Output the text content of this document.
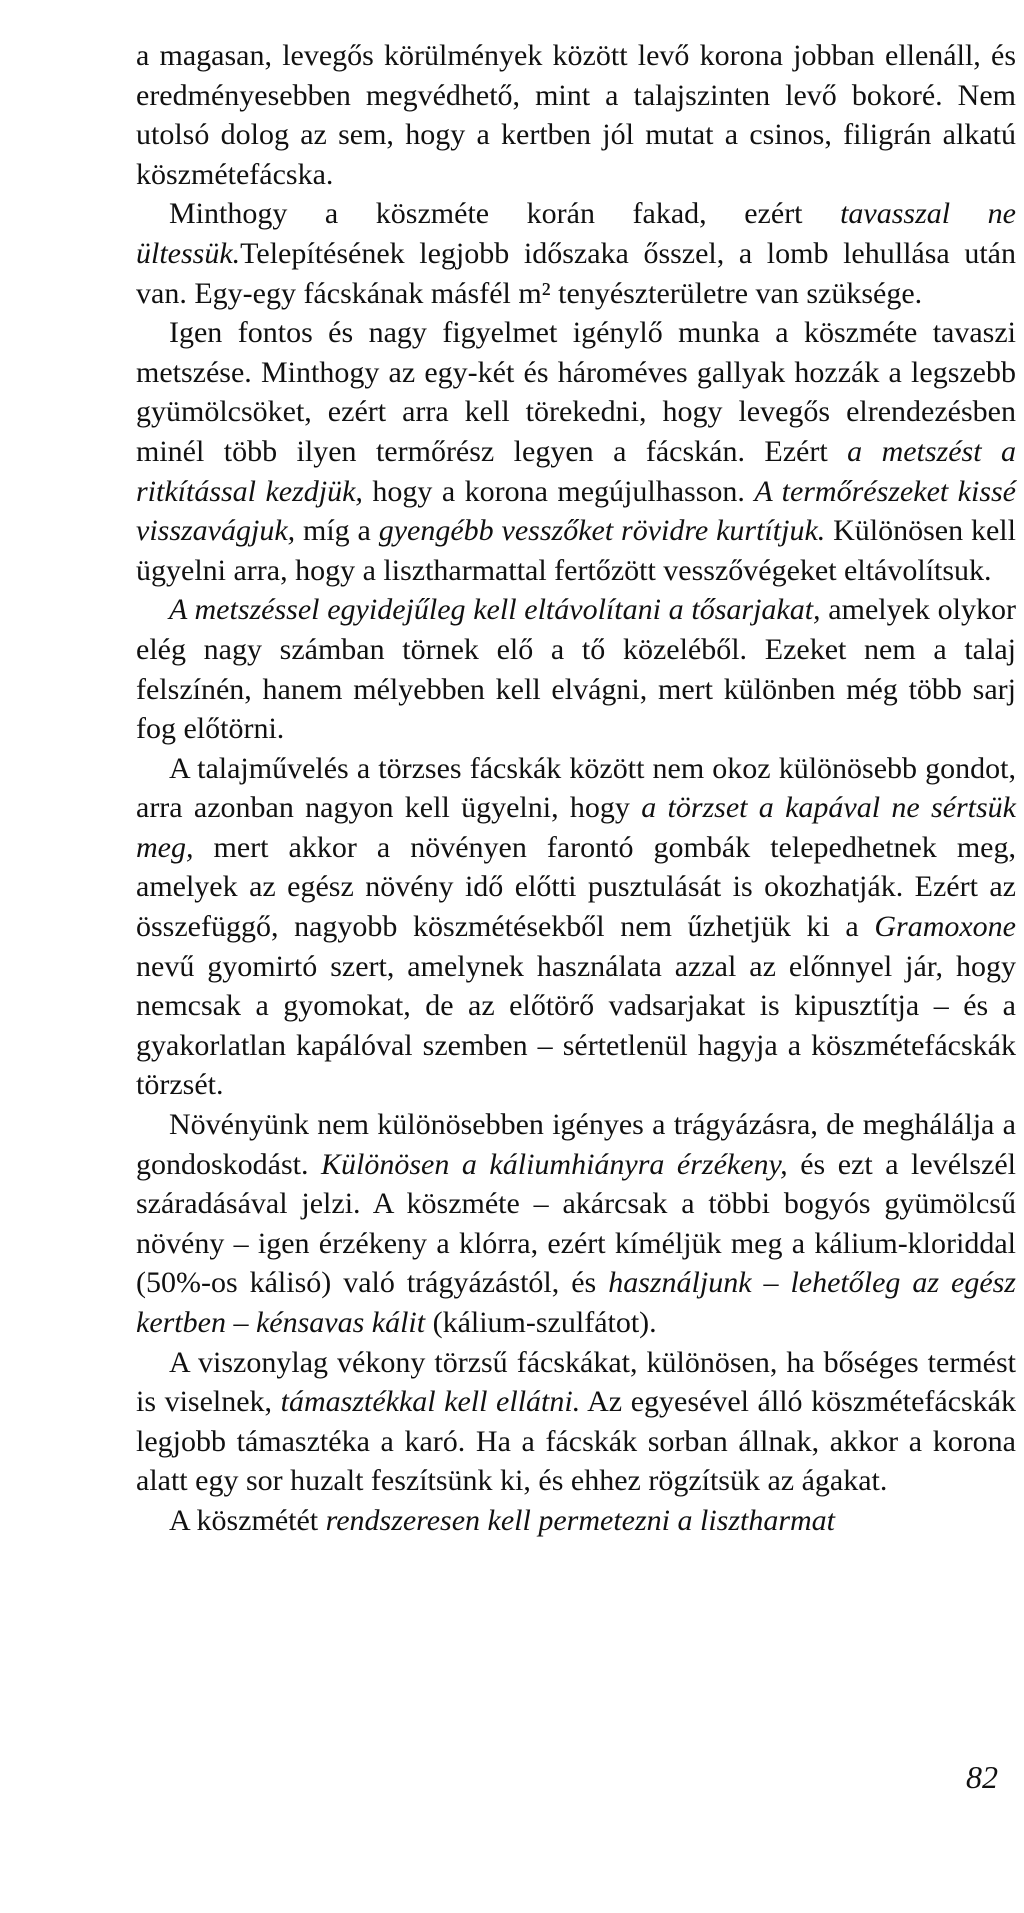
a magasan, levegős körülmények között levő korona jobban ellenáll, és eredményesebben megvédhető, mint a talajszinten levő bokoré. Nem utolsó dolog az sem, hogy a kertben jól mutat a csinos, filigrán alkatú köszmétefácska.

Minthogy a köszméte korán fakad, ezért tavasszal ne ültessük.Telepítésének legjobb időszaka ősszel, a lomb lehullása után van. Egy-egy fácskának másfél m² tenyészterületre van szüksége.

Igen fontos és nagy figyelmet igénylő munka a köszméte tavaszi metszése. Minthogy az egy-két és hároméves gallyak hozzák a legszebb gyümölcsöket, ezért arra kell törekedni, hogy levegős elrendezésben minél több ilyen termőrész legyen a fácskán. Ezért a metszést a ritkítással kezdjük, hogy a korona megújulhasson. A termőrészeket kissé visszavágjuk, míg a gyengébb vesszőket rövidre kurtítjuk. Különösen kell ügyelni arra, hogy a lisztharmattal fertőzött vesszővégeket eltávolítsuk.

A metszéssel egyidejűleg kell eltávolítani a tősarjakat, amelyek olykor elég nagy számban törnek elő a tő közeléből. Ezeket nem a talaj felszínén, hanem mélyebben kell elvágni, mert különben még több sarj fog előtörni.

A talajművelés a törzses fácskák között nem okoz különösebb gondot, arra azonban nagyon kell ügyelni, hogy a törzset a kapával ne sértsük meg, mert akkor a növényen farontó gombák telepedhetnek meg, amelyek az egész növény idő előtti pusztulását is okozhatják. Ezért az összefüggő, nagyobb köszmétésekből nem űzhetjük ki a Gramoxone nevű gyomirtó szert, amelynek használata azzal az előnnyel jár, hogy nemcsak a gyomokat, de az előtörő vadsarjakat is kipusztítja – és a gyakorlatlan kapálóval szemben – sértetlenül hagyja a köszmétefácskák törzsét.

Növényünk nem különösebben igényes a trágyázásra, de meghálálja a gondoskodást. Különösen a káliumhiányra érzékeny, és ezt a levélszél száradásával jelzi. A köszméte – akárcsak a többi bogyós gyümölcsű növény – igen érzékeny a klórra, ezért kíméljük meg a kálium-kloriddal (50%-os kálisó) való trágyázástól, és használjunk – lehetőleg az egész kertben – kénsavas kálit (kálium-szulfátot).

A viszonylag vékony törzsű fácskákat, különösen, ha bőséges termést is viselnek, támasztékkal kell ellátni. Az egyesével álló köszmétefácskák legjobb támasztéka a karó. Ha a fácskák sorban állnak, akkor a korona alatt egy sor huzalt feszítsünk ki, és ehhez rögzítsük az ágakat.

A köszmétét rendszeresen kell permetezni a lisztharmat

82
